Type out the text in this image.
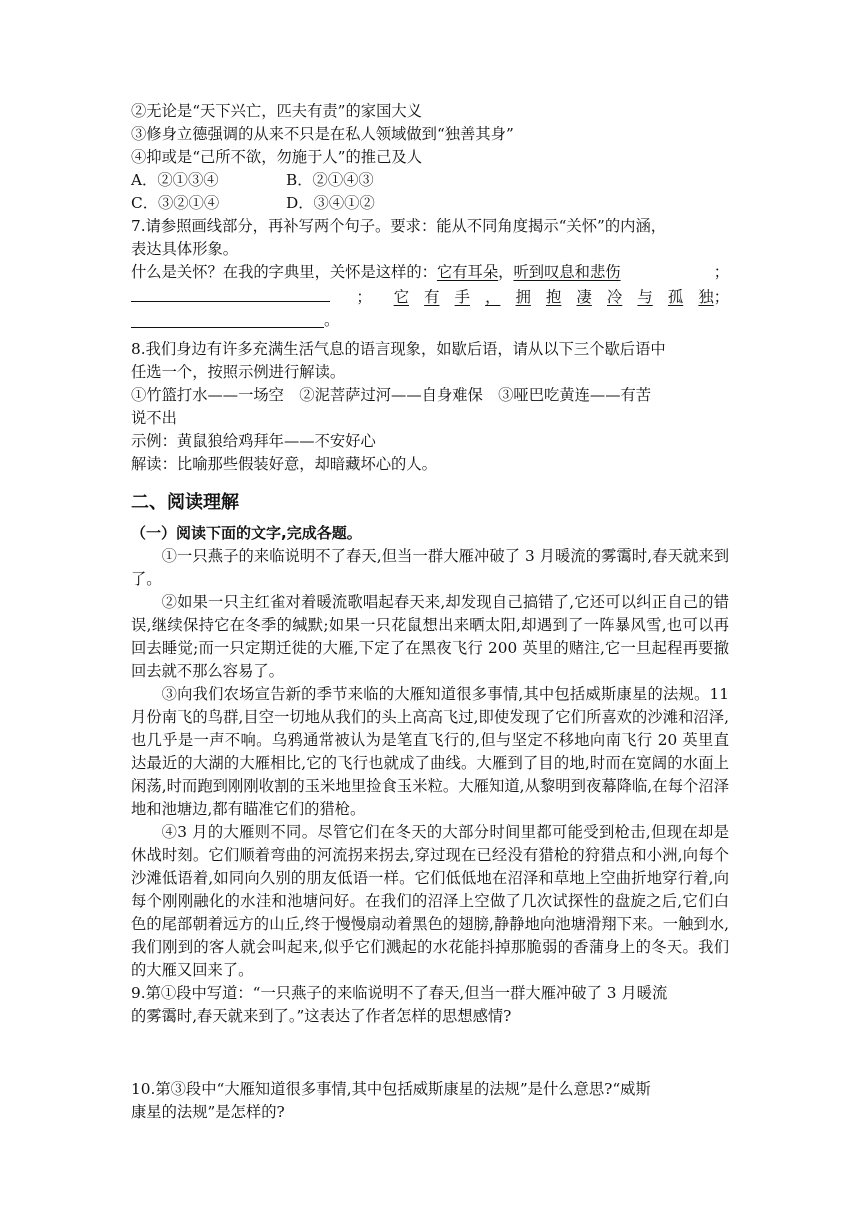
②无论是“天下兴亡，匹夫有责”的家国大义
③修身立德强调的从来不只是在私人领域做到“独善其身”
④抑或是“己所不欲，勿施于人”的推己及人
A．②①③④	B．②①④③
C．③②①④	D．③④①②
7.请参照画线部分，再补写两个句子。要求：能从不同角度揭示“关怀”的内涵，
表达具体形象。
什么是关怀？在我的字典里，关怀是这样的：它有耳朵，听到叹息和悲伤	；
； 它 有 手 ， 拥 抱 凄 冷 与 孤 独 ；
。
8.我们身边有许多充满生活气息的语言现象，如歇后语，请从以下三个歇后语中
任选一个，按照示例进行解读。
①竹篮打水——一场空　②泥菩萨过河——自身难保　③哑巴吃黄连——有苦
说不出
示例：黄鼠狼给鸡拜年——不安好心
解读：比喻那些假装好意，却暗藏坏心的人。
二、阅读理解
（一）阅读下面的文字,完成各题。
①一只燕子的来临说明不了春天,但当一群大雁冲破了 3 月暖流的雾霭时,春天就来到了。
②如果一只主红雀对着暖流歌唱起春天来,却发现自己搞错了,它还可以纠正自己的错误,继续保持它在冬季的缄默;如果一只花鼠想出来晒太阳,却遇到了一阵暴风雪,也可以再回去睡觉;而一只定期迁徙的大雁,下定了在黑夜飞行 200 英里的赌注,它一旦起程再要撤回去就不那么容易了。
③向我们农场宣告新的季节来临的大雁知道很多事情,其中包括威斯康星的法规。11 月份南飞的鸟群,目空一切地从我们的头上高高飞过,即使发现了它们所喜欢的沙滩和沼泽,也几乎是一声不响。乌鸦通常被认为是笔直飞行的,但与坚定不移地向南飞行 20 英里直达最近的大湖的大雁相比,它的飞行也就成了曲线。大雁到了目的地,时而在宽阔的水面上闲荡,时而跑到刚刚收割的玉米地里捡食玉米粒。大雁知道,从黎明到夜幕降临,在每个沼泽地和池塘边,都有瞄准它们的猎枪。
④3 月的大雁则不同。尽管它们在冬天的大部分时间里都可能受到枪击,但现在却是休战时刻。它们顺着弯曲的河流拐来拐去,穿过现在已经没有猎枪的狩猎点和小洲,向每个沙滩低语着,如同向久别的朋友低语一样。它们低低地在沼泽和草地上空曲折地穿行着,向每个刚刚融化的水洼和池塘问好。在我们的沼泽上空做了几次试探性的盘旋之后,它们白色的尾部朝着远方的山丘,终于慢慢扇动着黑色的翅膀,静静地向池塘滑翔下来。一触到水,我们刚到的客人就会叫起来,似乎它们溅起的水花能抖掉那脆弱的香蒲身上的冬天。我们的大雁又回来了。
9.第①段中写道：“一只燕子的来临说明不了春天,但当一群大雁冲破了 3 月暖流
的雾霭时,春天就来到了。”这表达了作者怎样的思想感情?
10.第③段中“大雁知道很多事情,其中包括威斯康星的法规”是什么意思?“威斯
康星的法规”是怎样的?
